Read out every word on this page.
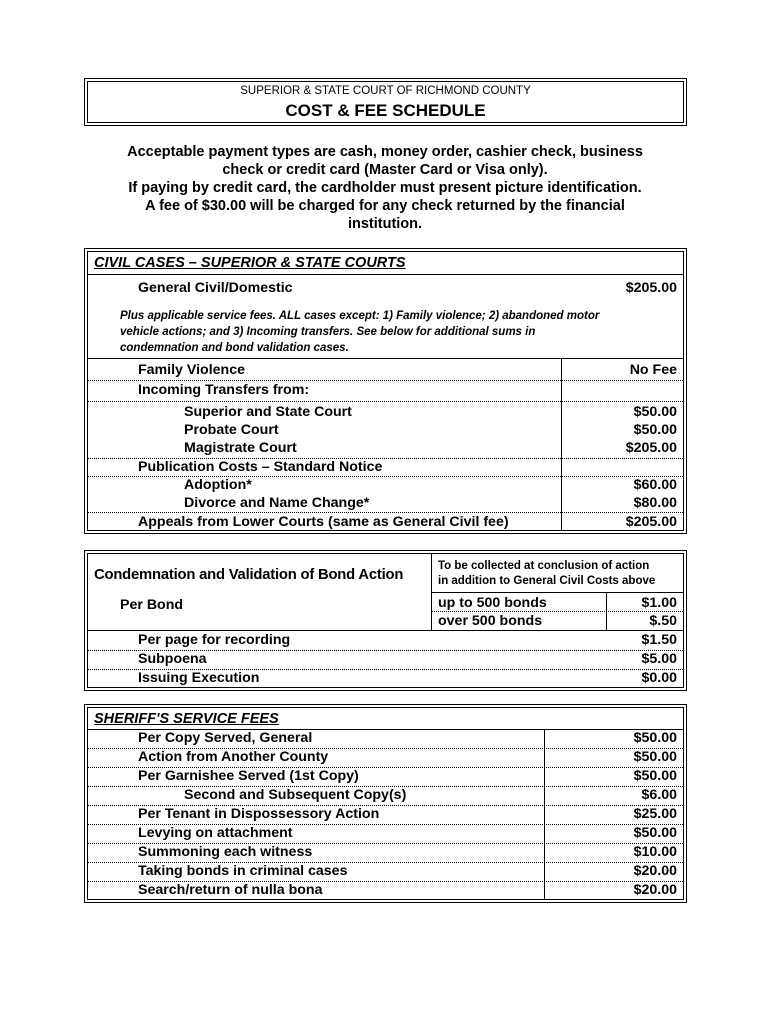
SUPERIOR & STATE COURT OF RICHMOND COUNTY
COST & FEE SCHEDULE
Acceptable payment types are cash, money order, cashier check, business
check or credit card (Master Card or Visa only).
If paying by credit card, the cardholder must present picture identification.
A fee of $30.00 will be charged for any check returned by the financial
institution.
CIVIL CASES – SUPERIOR & STATE COURTS
General Civil/Domestic	$205.00
Plus applicable service fees. ALL cases except: 1) Family violence; 2) abandoned motor
vehicle actions; and 3) Incoming transfers. See below for additional sums in
condemnation and bond validation cases.
Family Violence	No Fee
Incoming Transfers from:
Superior and State Court	$50.00
Probate Court	$50.00
Magistrate Court	$205.00
Publication Costs – Standard Notice
Adoption*	$60.00
Divorce and Name Change*	$80.00
Appeals from Lower Courts (same as General Civil fee)	$205.00
Condemnation and Validation of Bond Action
To be collected at conclusion of action
in addition to General Civil Costs above
Per Bond	up to 500 bonds	$1.00
over 500 bonds	$.50
Per page for recording	$1.50
Subpoena	$5.00
Issuing Execution	$0.00
SHERIFF'S SERVICE FEES
Per Copy Served, General	$50.00
Action from Another County	$50.00
Per Garnishee Served (1st Copy)	$50.00
Second and Subsequent Copy(s)	$6.00
Per Tenant in Dispossessory Action	$25.00
Levying on attachment	$50.00
Summoning each witness	$10.00
Taking bonds in criminal cases	$20.00
Search/return of nulla bona	$20.00
